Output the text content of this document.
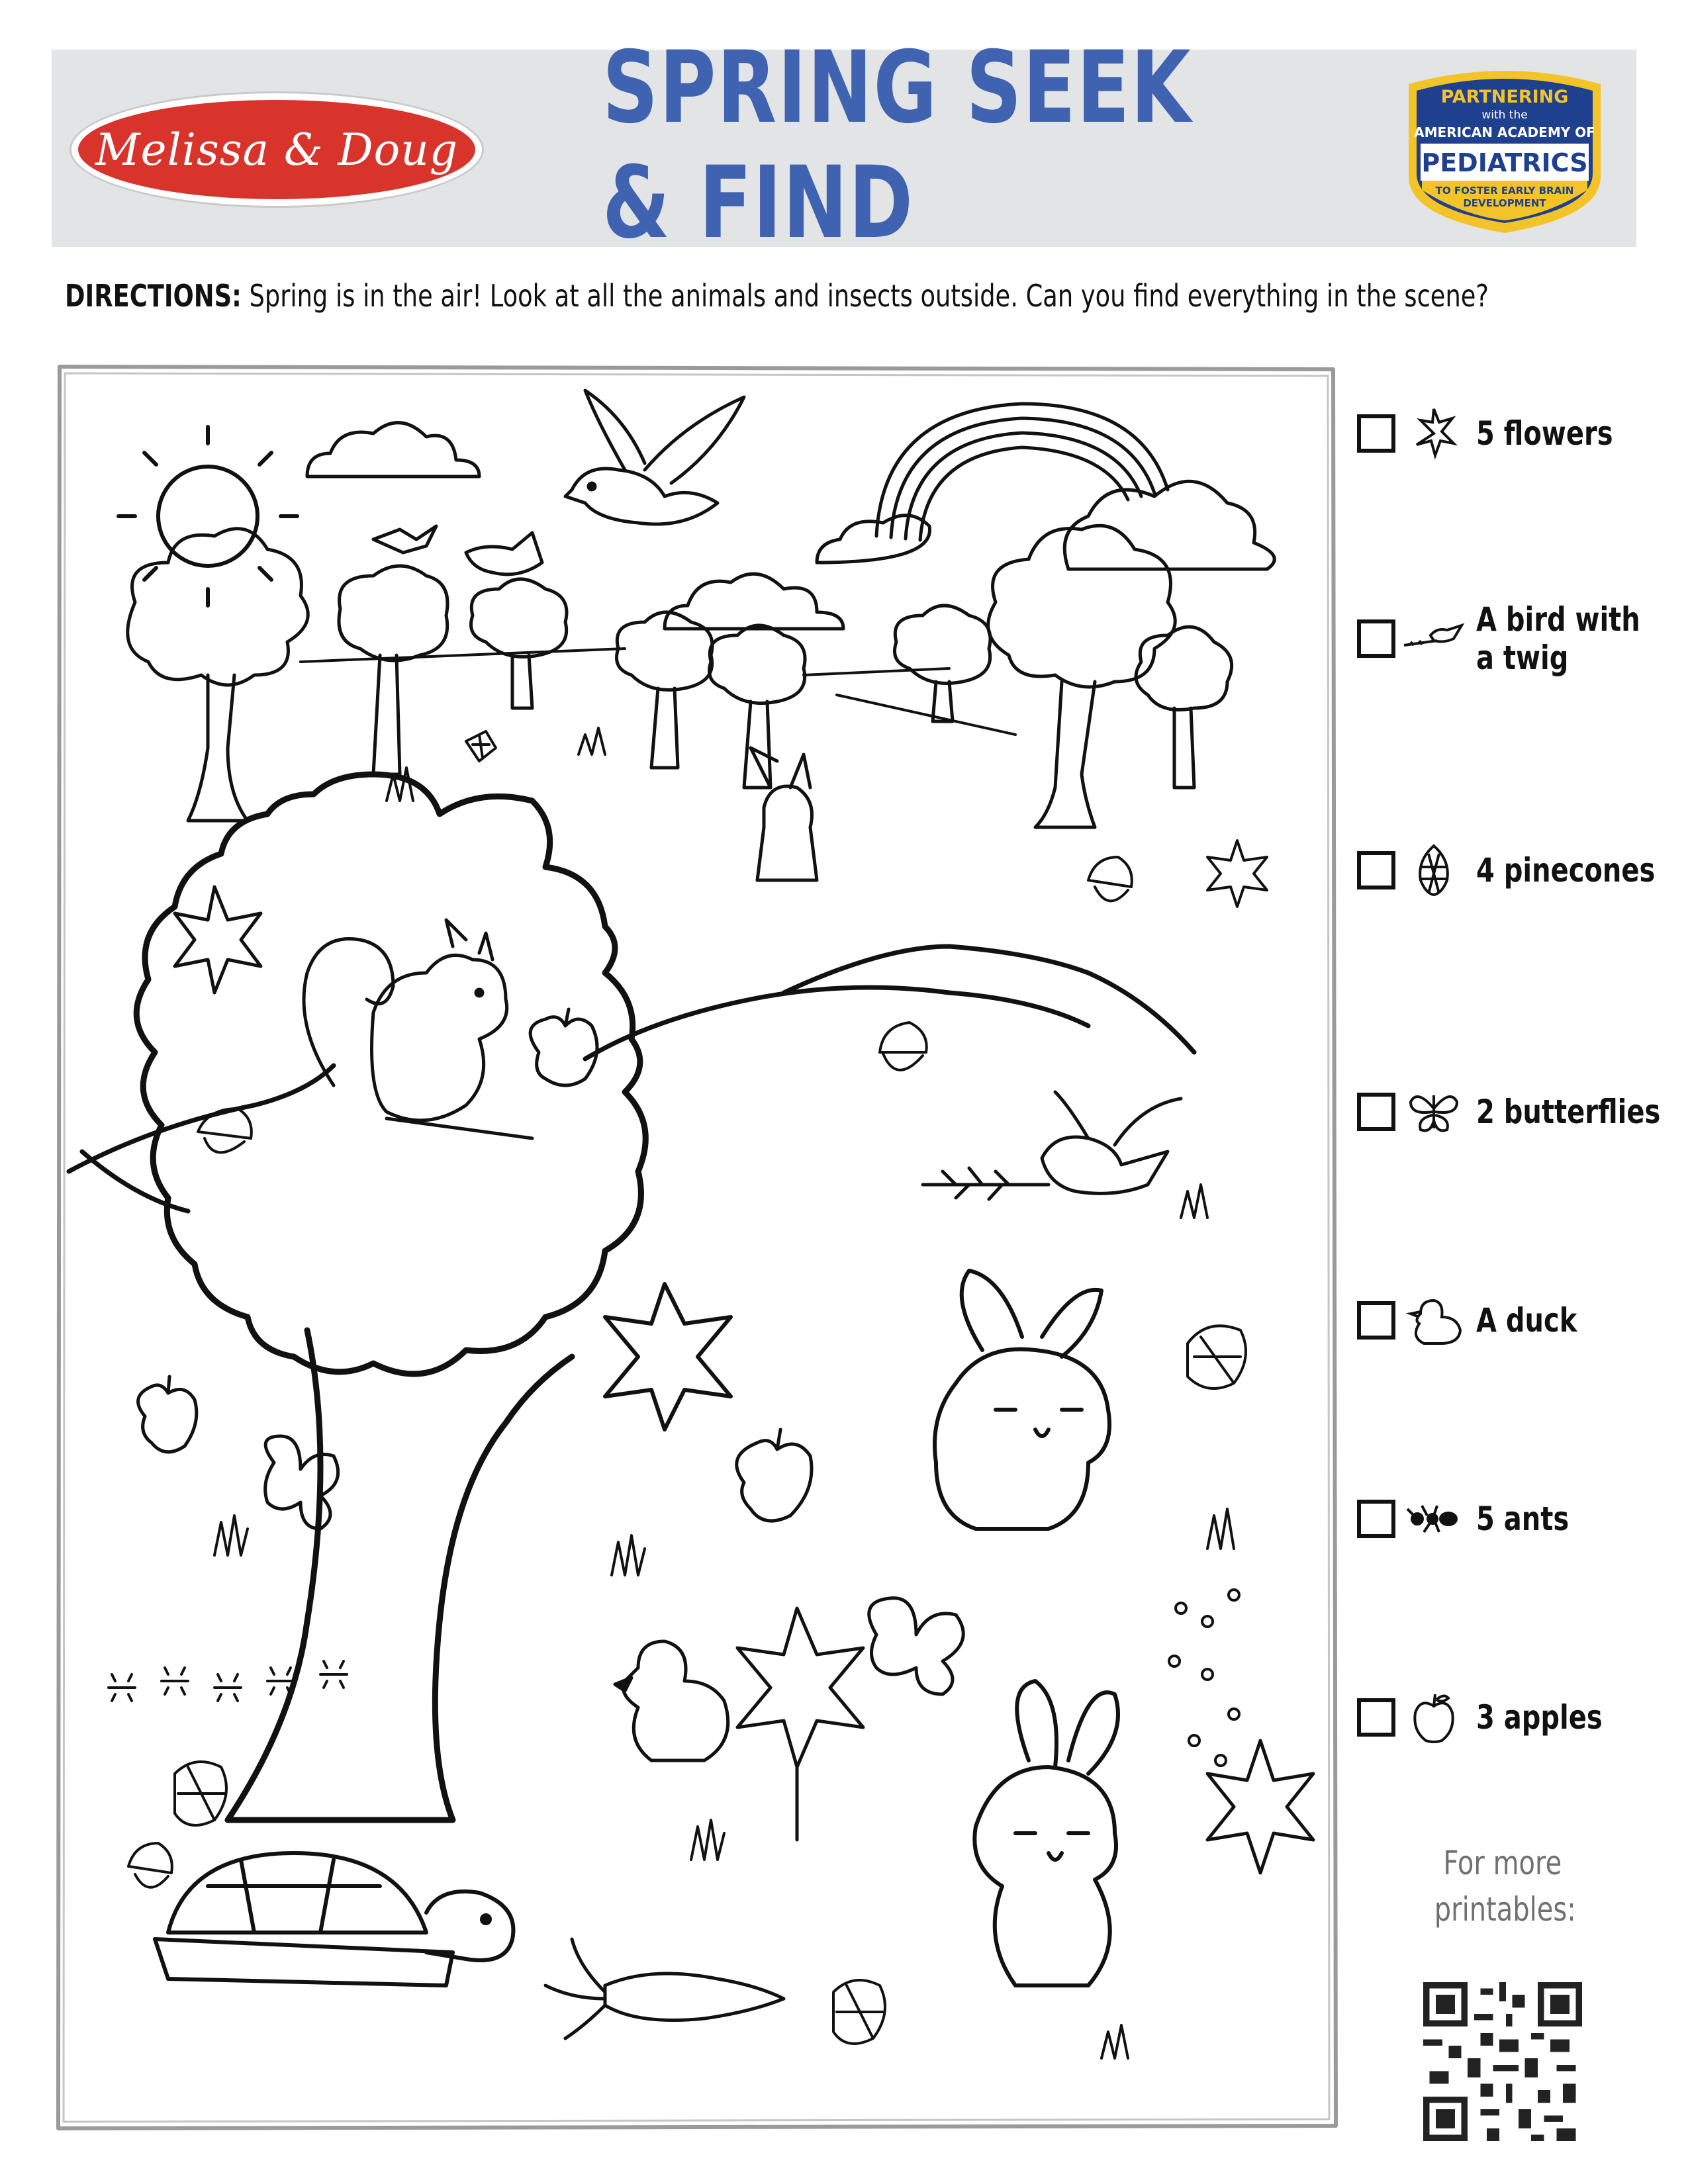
Melissa & Doug
SPRING SEEK & FIND
PARTNERING
with the
AMERICAN ACADEMY OF
PEDIATRICS
TO FOSTER EARLY BRAIN
DEVELOPMENT
DIRECTIONS: Spring is in the air! Look at all the animals and insects outside. Can you find everything in the scene?
5 flowers
A bird with
a twig
4 pinecones
2 butterflies
A duck
5 ants
3 apples
For more
printables:
